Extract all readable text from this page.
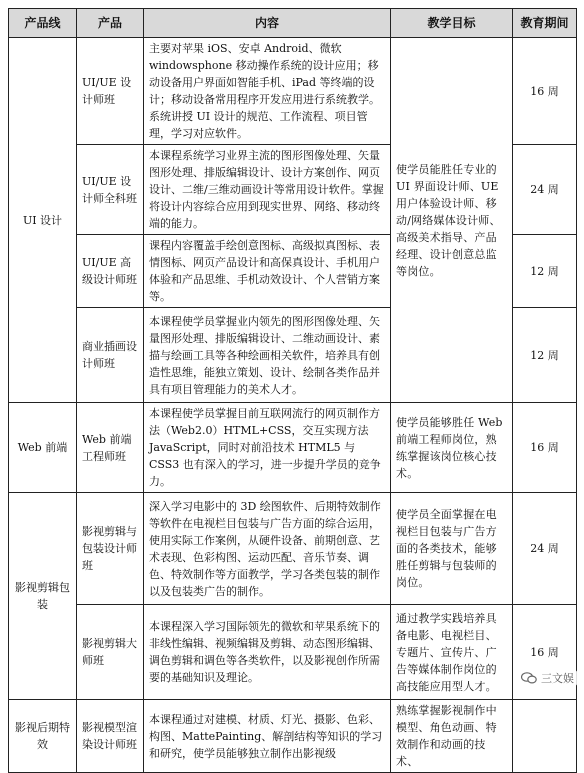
产品线	产品	内容	教学目标	教育期间
UI 设计	UI/UE 设计师班	主要对苹果 iOS、安卓 Android、微软 windowsphone 移动操作系统的设计应用；移动设备用户界面如智能手机、iPad 等终端的设计；移动设备常用程序开发应用进行系统教学。系统讲授 UI 设计的规范、工作流程、项目管理，学习对应软件。	使学员能胜任专业的 UI 界面设计师、UE 用户体验设计师、移动/网络媒体设计师、高级美术指导、产品经理、设计创意总监等岗位。	16 周
	UI/UE 设计师全科班	本课程系统学习业界主流的图形图像处理、矢量图形处理、排版编辑设计、设计方案创作、网页设计、二维/三维动画设计等常用设计软件。掌握将设计内容综合应用到现实世界、网络、移动终端的能力。		24 周
	UI/UE 高级设计师班	课程内容覆盖手绘创意图标、高级拟真图标、表情图标、网页产品设计和高保真设计、手机用户体验和产品思维、手机动效设计、个人营销方案等。		12 周
	商业插画设计师班	本课程使学员掌握业内领先的图形图像处理、矢量图形处理、排版编辑设计、二维动画设计、素描与绘画工具等各种绘画相关软件，培养具有创造性思维，能独立策划、设计、绘制各类作品并具有项目管理能力的美术人才。		12 周
Web 前端	Web 前端工程师班	本课程使学员掌握目前互联网流行的网页制作方法（Web2.0）HTML+CSS，交互实现方法 JavaScript，同时对前沿技术 HTML5 与 CSS3 也有深入的学习，进一步提升学员的竞争力。	使学员能够胜任 Web 前端工程师岗位，熟练掌握该岗位核心技术。	16 周
影视剪辑包装	影视剪辑与包装设计师班	深入学习电影中的 3D 绘图软件、后期特效制作等软件在电视栏目包装与广告方面的综合运用，使用实际工作案例，从硬件设备、前期创意、艺术表现、色彩构图、运动匹配、音乐节奏、调色、特效制作等方面教学，学习各类包装的制作以及包装类广告的制作。	使学员全面掌握在电视栏目包装与广告方面的各类技术，能够胜任剪辑与包装师的岗位。	24 周
	影视剪辑大师班	本课程深入学习国际领先的微软和苹果系统下的非线性编辑、视频编辑及剪辑、动态图形编辑、调色剪辑和调色等各类软件，以及影视创作所需要的基础知识及理论。	通过教学实践培养具备电影、电视栏目、专题片、宣传片、广告等媒体制作岗位的高技能应用型人才。	16 周
影视后期特效	影视模型渲染设计师班	本课程通过对建模、材质、灯光、摄影、色彩、构图、MattePainting、解剖结构等知识的学习和研究，使学员能够独立制作出影视级	熟练掌握影视制作中模型、角色动画、特效制作和动画的技术、	
三文娱
